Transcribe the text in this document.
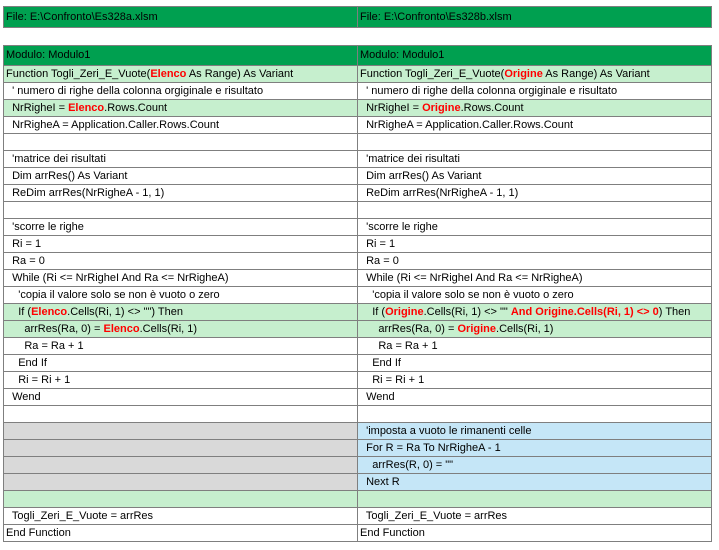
File: E:\Confronto\Es328a.xlsm	File: E:\Confronto\Es328b.xlsm
Modulo: Modulo1	Modulo: Modulo1
Function Togli_Zeri_E_Vuote(Elenco As Range) As Variant	Function Togli_Zeri_E_Vuote(Origine As Range) As Variant
' numero di righe della colonna orgiginale e risultato	' numero di righe della colonna orgiginale e risultato
NrRigheI = Elenco.Rows.Count	NrRigheI = Origine.Rows.Count
NrRigheA = Application.Caller.Rows.Count	NrRigheA = Application.Caller.Rows.Count

'matrice dei risultati	'matrice dei risultati
Dim arrRes() As Variant	Dim arrRes() As Variant
ReDim arrRes(NrRigheA - 1, 1)	ReDim arrRes(NrRigheA - 1, 1)

'scorre le righe	'scorre le righe
Ri = 1	Ri = 1
Ra = 0	Ra = 0
While (Ri <= NrRigheI And Ra <= NrRigheA)	While (Ri <= NrRigheI And Ra <= NrRigheA)
'copia il valore solo se non è vuoto o zero	'copia il valore solo se non è vuoto o zero
If (Elenco.Cells(Ri, 1) <> "") Then	If (Origine.Cells(Ri, 1) <> "" And Origine.Cells(Ri, 1) <> 0) Then
arrRes(Ra, 0) = Elenco.Cells(Ri, 1)	arrRes(Ra, 0) = Origine.Cells(Ri, 1)
Ra = Ra + 1	Ra = Ra + 1
End If	End If
Ri = Ri + 1	Ri = Ri + 1
Wend	Wend

	'imposta a vuoto le rimanenti celle
	For R = Ra To NrRigheA - 1
	arrRes(R, 0) = ""
	Next R

Togli_Zeri_E_Vuote = arrRes	Togli_Zeri_E_Vuote = arrRes
End Function	End Function
